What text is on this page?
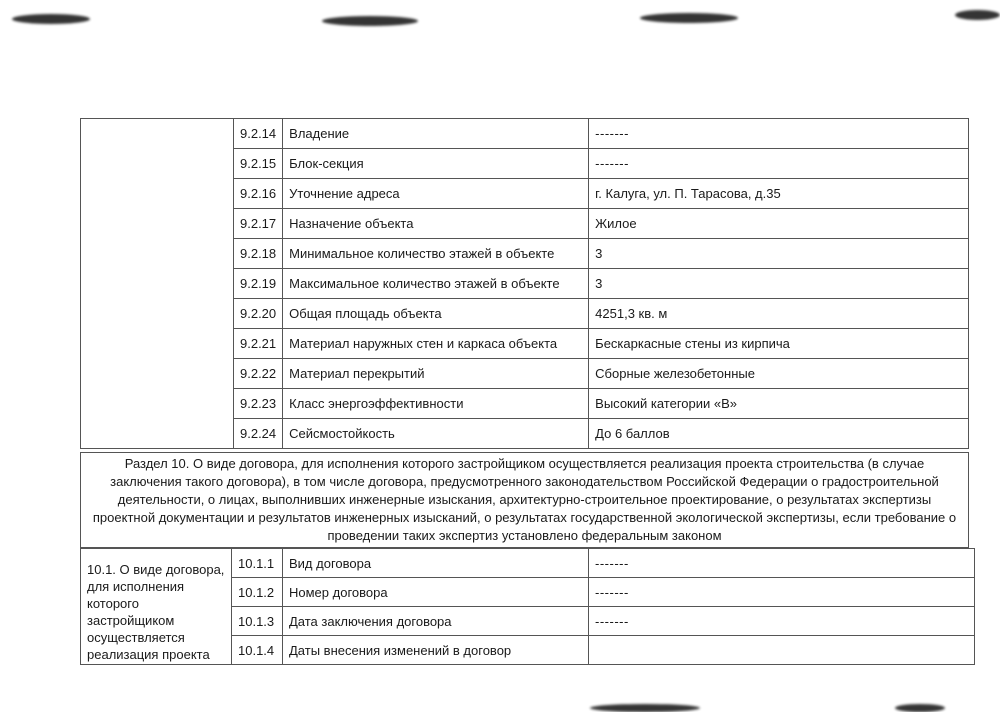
	9.2.14	Владение	-------
	9.2.15	Блок-секция	-------
	9.2.16	Уточнение адреса	г. Калуга, ул. П. Тарасова, д.35
	9.2.17	Назначение объекта	Жилое
	9.2.18	Минимальное количество этажей в объекте	3
	9.2.19	Максимальное количество этажей в объекте	3
	9.2.20	Общая площадь объекта	4251,3 кв. м
	9.2.21	Материал наружных стен и каркаса объекта	Бескаркасные стены из кирпича
	9.2.22	Материал перекрытий	Сборные железобетонные
	9.2.23	Класс энергоэффективности	Высокий категории «В»
	9.2.24	Сейсмостойкость	До 6 баллов
Раздел 10. О виде договора, для исполнения которого застройщиком осуществляется реализация проекта строительства (в случае заключения такого договора), в том числе договора, предусмотренного законодательством Российской Федерации о градостроительной деятельности, о лицах, выполнивших инженерные изыскания, архитектурно-строительное проектирование, о результатах экспертизы проектной документации и результатов инженерных изысканий, о результатах государственной экологической экспертизы, если требование о проведении таких экспертиз установлено федеральным законом
10.1. О виде договора, для исполнения которого застройщиком осуществляется реализация проекта	10.1.1	Вид договора	-------
	10.1.2	Номер договора	-------
	10.1.3	Дата заключения договора	-------
	10.1.4	Даты внесения изменений в договор	
